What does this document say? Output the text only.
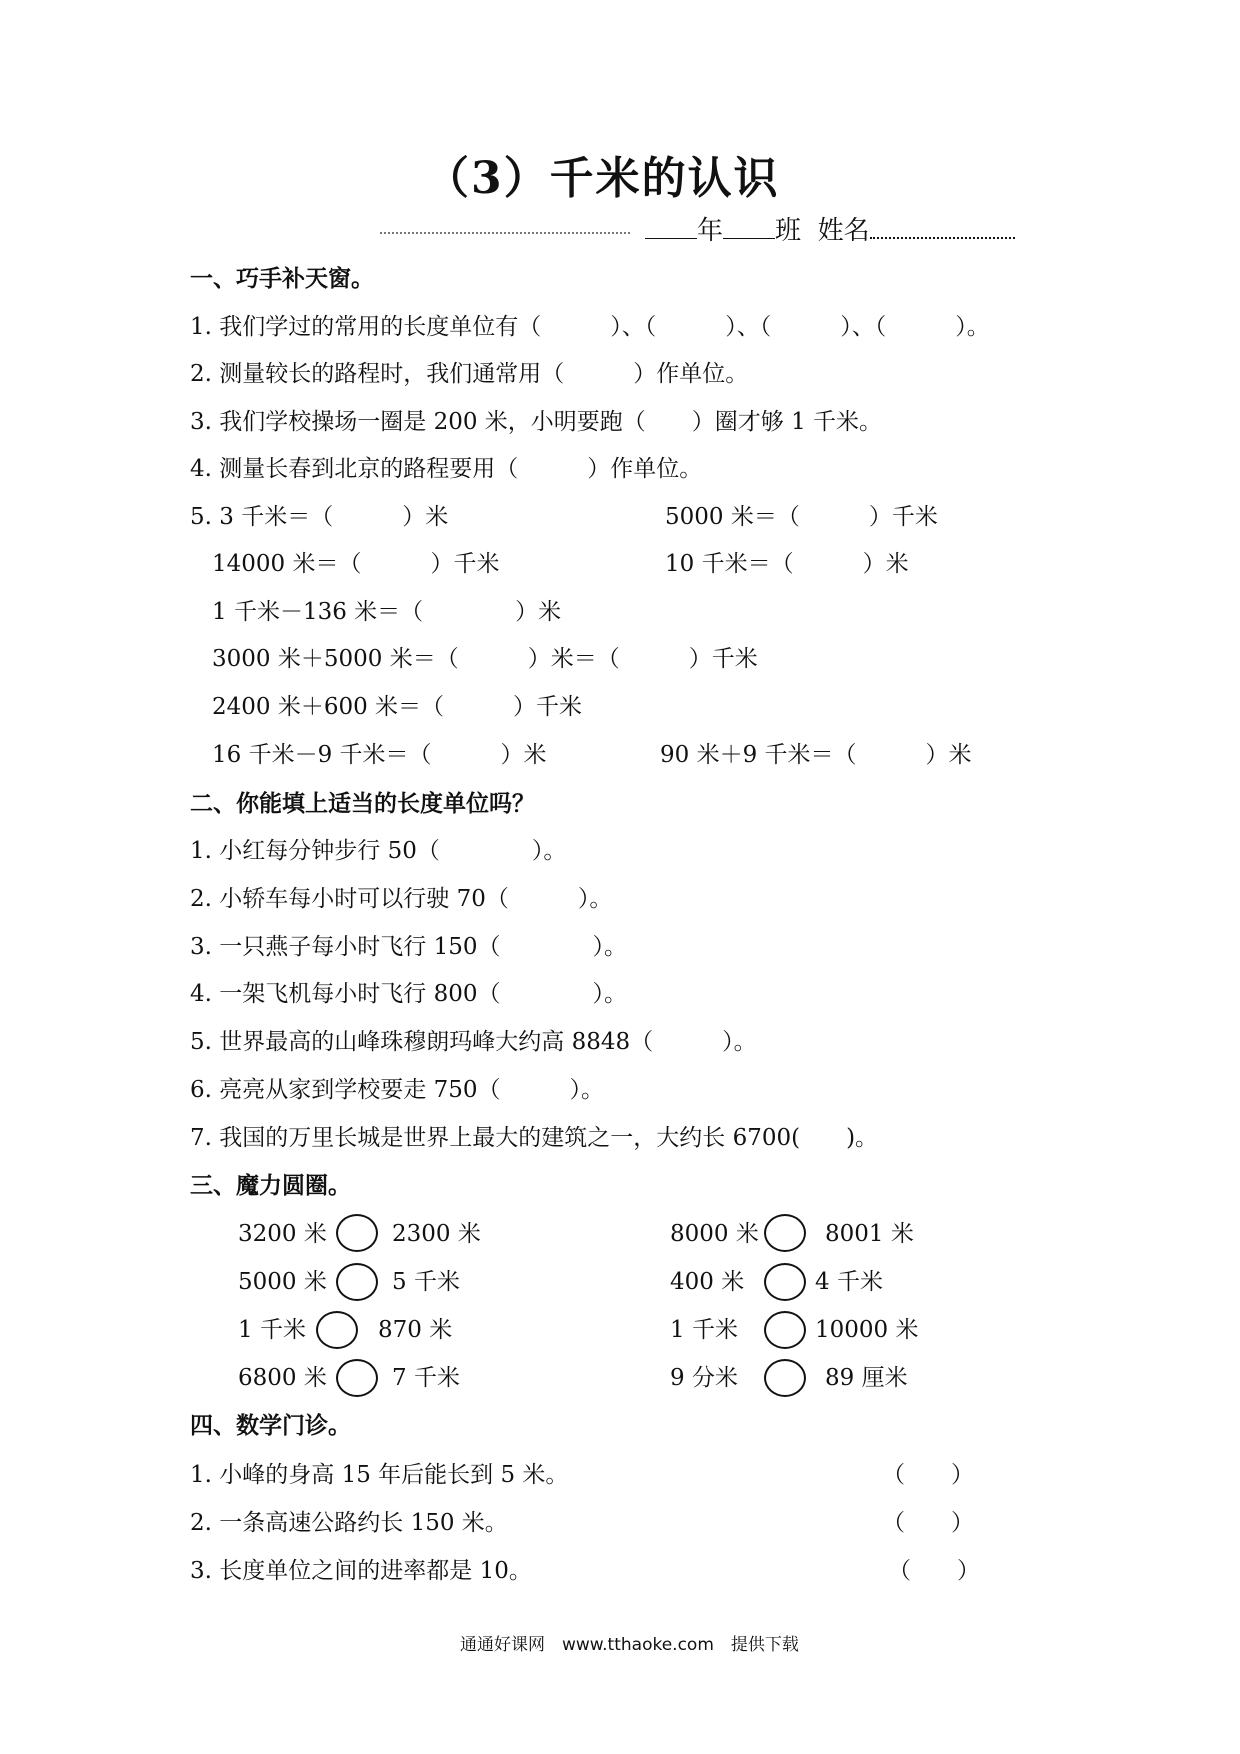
（3）千米的认识
年 班 姓名
一、巧手补天窗。
1. 我们学过的常用的长度单位有（　　　）、（　　　）、（　　　）、（　　　）。
2. 测量较长的路程时，我们通常用（　　　）作单位。
3. 我们学校操场一圈是 200 米，小明要跑（　　）圈才够 1 千米。
4. 测量长春到北京的路程要用（　　　）作单位。
5. 3 千米＝（　　　）米	5000 米＝（　　　）千米
14000 米＝（　　　）千米	10 千米＝（　　　）米
1 千米－136 米＝（　　　　）米
3000 米＋5000 米＝（　　　）米＝（　　　）千米
2400 米＋600 米＝（　　　）千米
16 千米－9 千米＝（　　　）米	90 米＋9 千米＝（　　　）米
二、你能填上适当的长度单位吗？
1. 小红每分钟步行 50（　　　　）。
2. 小轿车每小时可以行驶 70（　　　）。
3. 一只燕子每小时飞行 150（　　　　）。
4. 一架飞机每小时飞行 800（　　　　）。
5. 世界最高的山峰珠穆朗玛峰大约高 8848（　　　）。
6. 亮亮从家到学校要走 750（　　　）。
7. 我国的万里长城是世界上最大的建筑之一，大约长 6700(　　)。
三、魔力圆圈。
3200 米	2300 米	8000 米	8001 米
5000 米	5 千米	400 米	4 千米
1 千米	870 米	1 千米	10000 米
6800 米	7 千米	9 分米	89 厘米
四、数学门诊。
1. 小峰的身高 15 年后能长到 5 米。	（　　）
2. 一条高速公路约长 150 米。	（　　）
3. 长度单位之间的进率都是 10。	（　　）
通通好课网　www.tthaoke.com　提供下载
